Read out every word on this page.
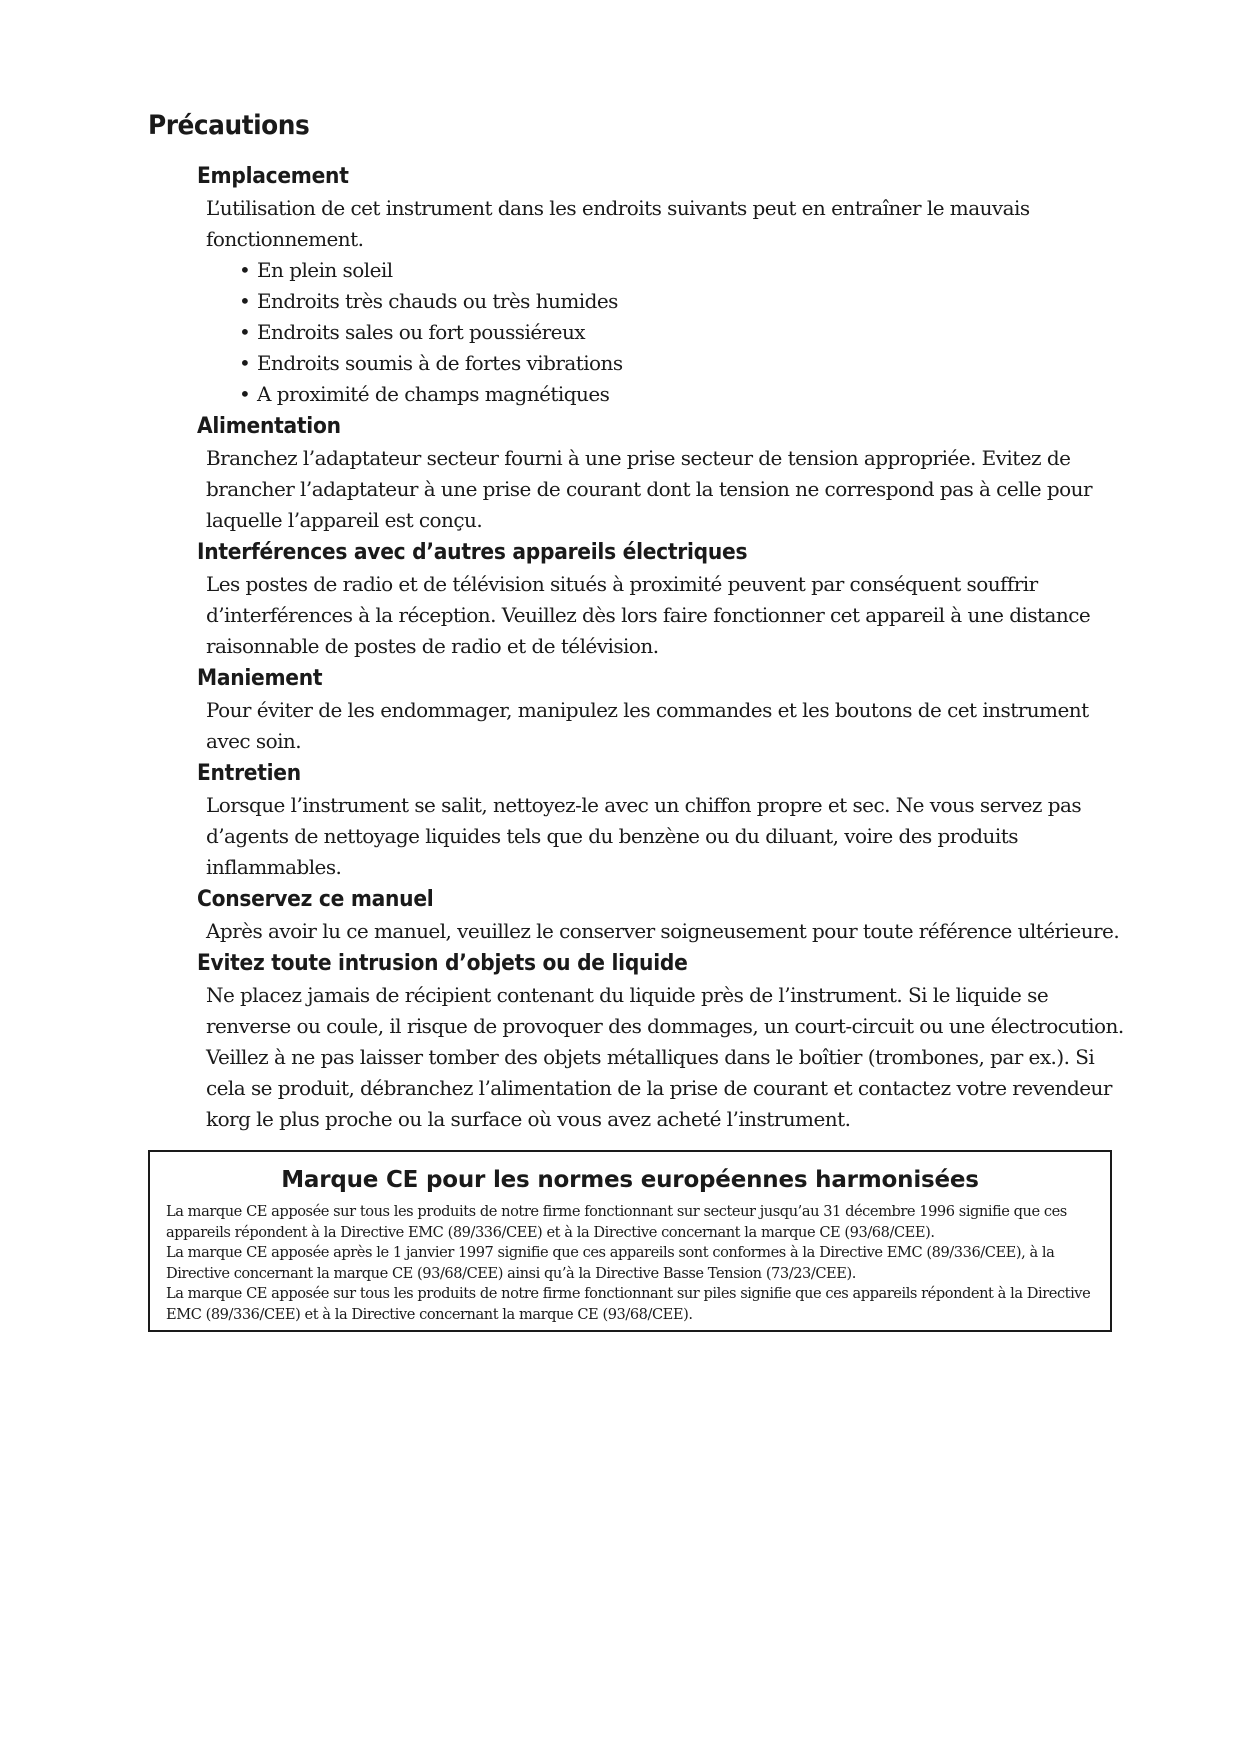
Précautions
Emplacement

L’utilisation de cet instrument dans les endroits suivants peut en entraîner le mauvais fonctionnement.

• En plein soleil
• Endroits très chauds ou très humides
• Endroits sales ou fort poussiéreux
• Endroits soumis à de fortes vibrations
• A proximité de champs magnétiques
Alimentation

Branchez l’adaptateur secteur fourni à une prise secteur de tension appropriée. Evitez de brancher l’adaptateur à une prise de courant dont la tension ne correspond pas à celle pour laquelle l’appareil est conçu.

Interférences avec d’autres appareils électriques

Les postes de radio et de télévision situés à proximité peuvent par conséquent souffrir d’interférences à la réception. Veuillez dès lors faire fonctionner cet appareil à une distance raisonnable de postes de radio et de télévision.

Maniement

Pour éviter de les endommager, manipulez les commandes et les boutons de cet instrument avec soin.

Entretien

Lorsque l’instrument se salit, nettoyez-le avec un chiffon propre et sec. Ne vous servez pas d’agents de nettoyage liquides tels que du benzène ou du diluant, voire des produits inflammables.

Conservez ce manuel

Après avoir lu ce manuel, veuillez le conserver soigneusement pour toute référence ultérieure.

Evitez toute intrusion d’objets ou de liquide

Ne placez jamais de récipient contenant du liquide près de l’instrument. Si le liquide se renverse ou coule, il risque de provoquer des dommages, un court-circuit ou une électrocution.

Veillez à ne pas laisser tomber des objets métalliques dans le boîtier (trombones, par ex.). Si cela se produit, débranchez l’alimentation de la prise de courant et contactez votre revendeur korg le plus proche ou la surface où vous avez acheté l’instrument.

Marque CE pour les normes européennes harmonisées

La marque CE apposée sur tous les produits de notre firme fonctionnant sur secteur jusqu’au 31 décembre 1996 signifie que ces appareils répondent à la Directive EMC (89/336/CEE) et à la Directive concernant la marque CE (93/68/CEE).

La marque CE apposée après le 1 janvier 1997 signifie que ces appareils sont conformes à la Directive EMC (89/336/CEE), à la Directive concernant la marque CE (93/68/CEE) ainsi qu’à la Directive Basse Tension (73/23/CEE).

La marque CE apposée sur tous les produits de notre firme fonctionnant sur piles signifie que ces appareils répondent à la Directive EMC (89/336/CEE) et à la Directive concernant la marque CE (93/68/CEE).
